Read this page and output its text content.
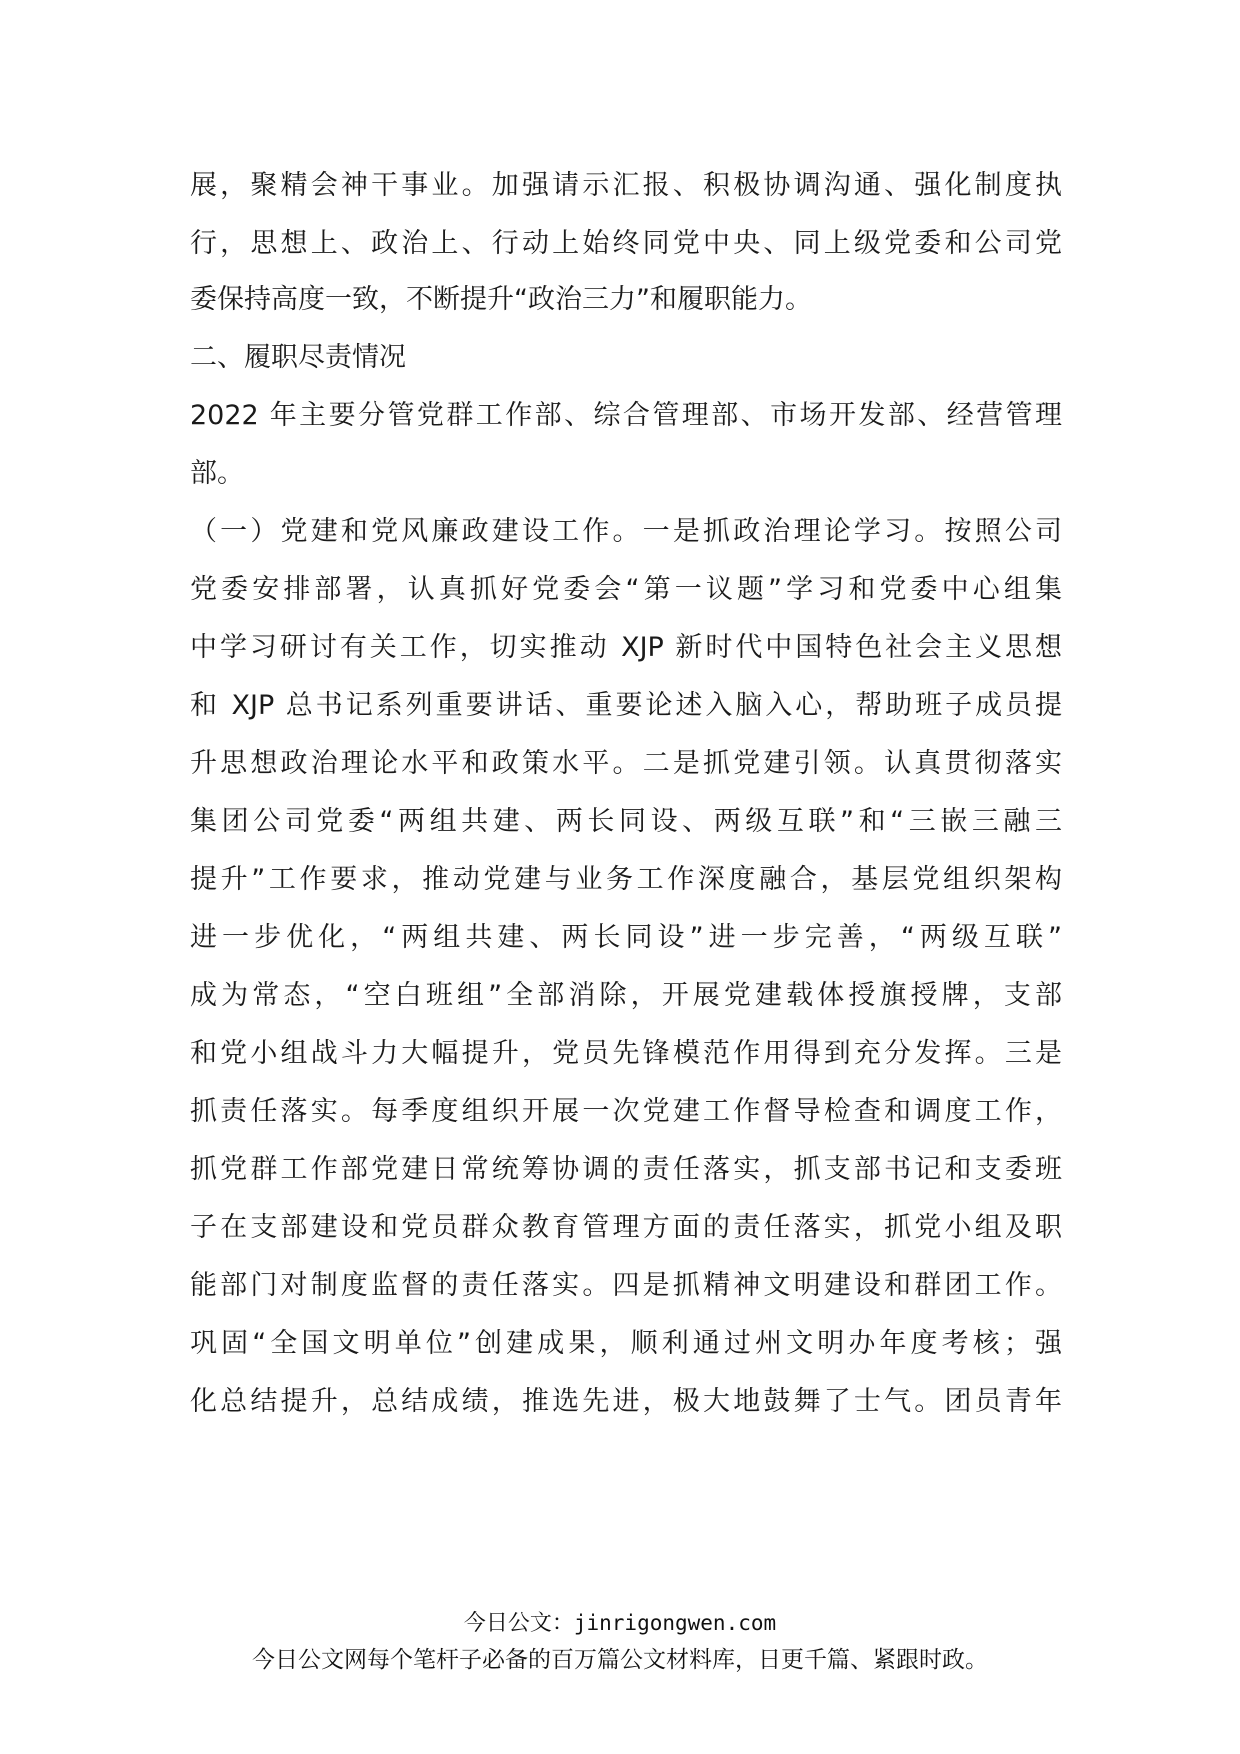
展，聚精会神干事业。加强请示汇报、积极协调沟通、强化制度执
行，思想上、政治上、行动上始终同党中央、同上级党委和公司党
委保持高度一致，不断提升“政治三力”和履职能力。
二、履职尽责情况
2022 年主要分管党群工作部、综合管理部、市场开发部、经营管理
部。
（一）党建和党风廉政建设工作。一是抓政治理论学习。按照公司
党委安排部署，认真抓好党委会“第一议题”学习和党委中心组集
中学习研讨有关工作，切实推动 XJP 新时代中国特色社会主义思想
和 XJP 总书记系列重要讲话、重要论述入脑入心，帮助班子成员提
升思想政治理论水平和政策水平。二是抓党建引领。认真贯彻落实
集团公司党委“两组共建、两长同设、两级互联”和“三嵌三融三
提升”工作要求，推动党建与业务工作深度融合，基层党组织架构
进一步优化，“两组共建、两长同设”进一步完善，“两级互联”
成为常态，“空白班组”全部消除，开展党建载体授旗授牌，支部
和党小组战斗力大幅提升，党员先锋模范作用得到充分发挥。三是
抓责任落实。每季度组织开展一次党建工作督导检查和调度工作，
抓党群工作部党建日常统筹协调的责任落实，抓支部书记和支委班
子在支部建设和党员群众教育管理方面的责任落实，抓党小组及职
能部门对制度监督的责任落实。四是抓精神文明建设和群团工作。
巩固“全国文明单位”创建成果，顺利通过州文明办年度考核；强
化总结提升，总结成绩，推选先进，极大地鼓舞了士气。团员青年
今日公文：jinrigongwen.com
今日公文网每个笔杆子必备的百万篇公文材料库，日更千篇、紧跟时政。
